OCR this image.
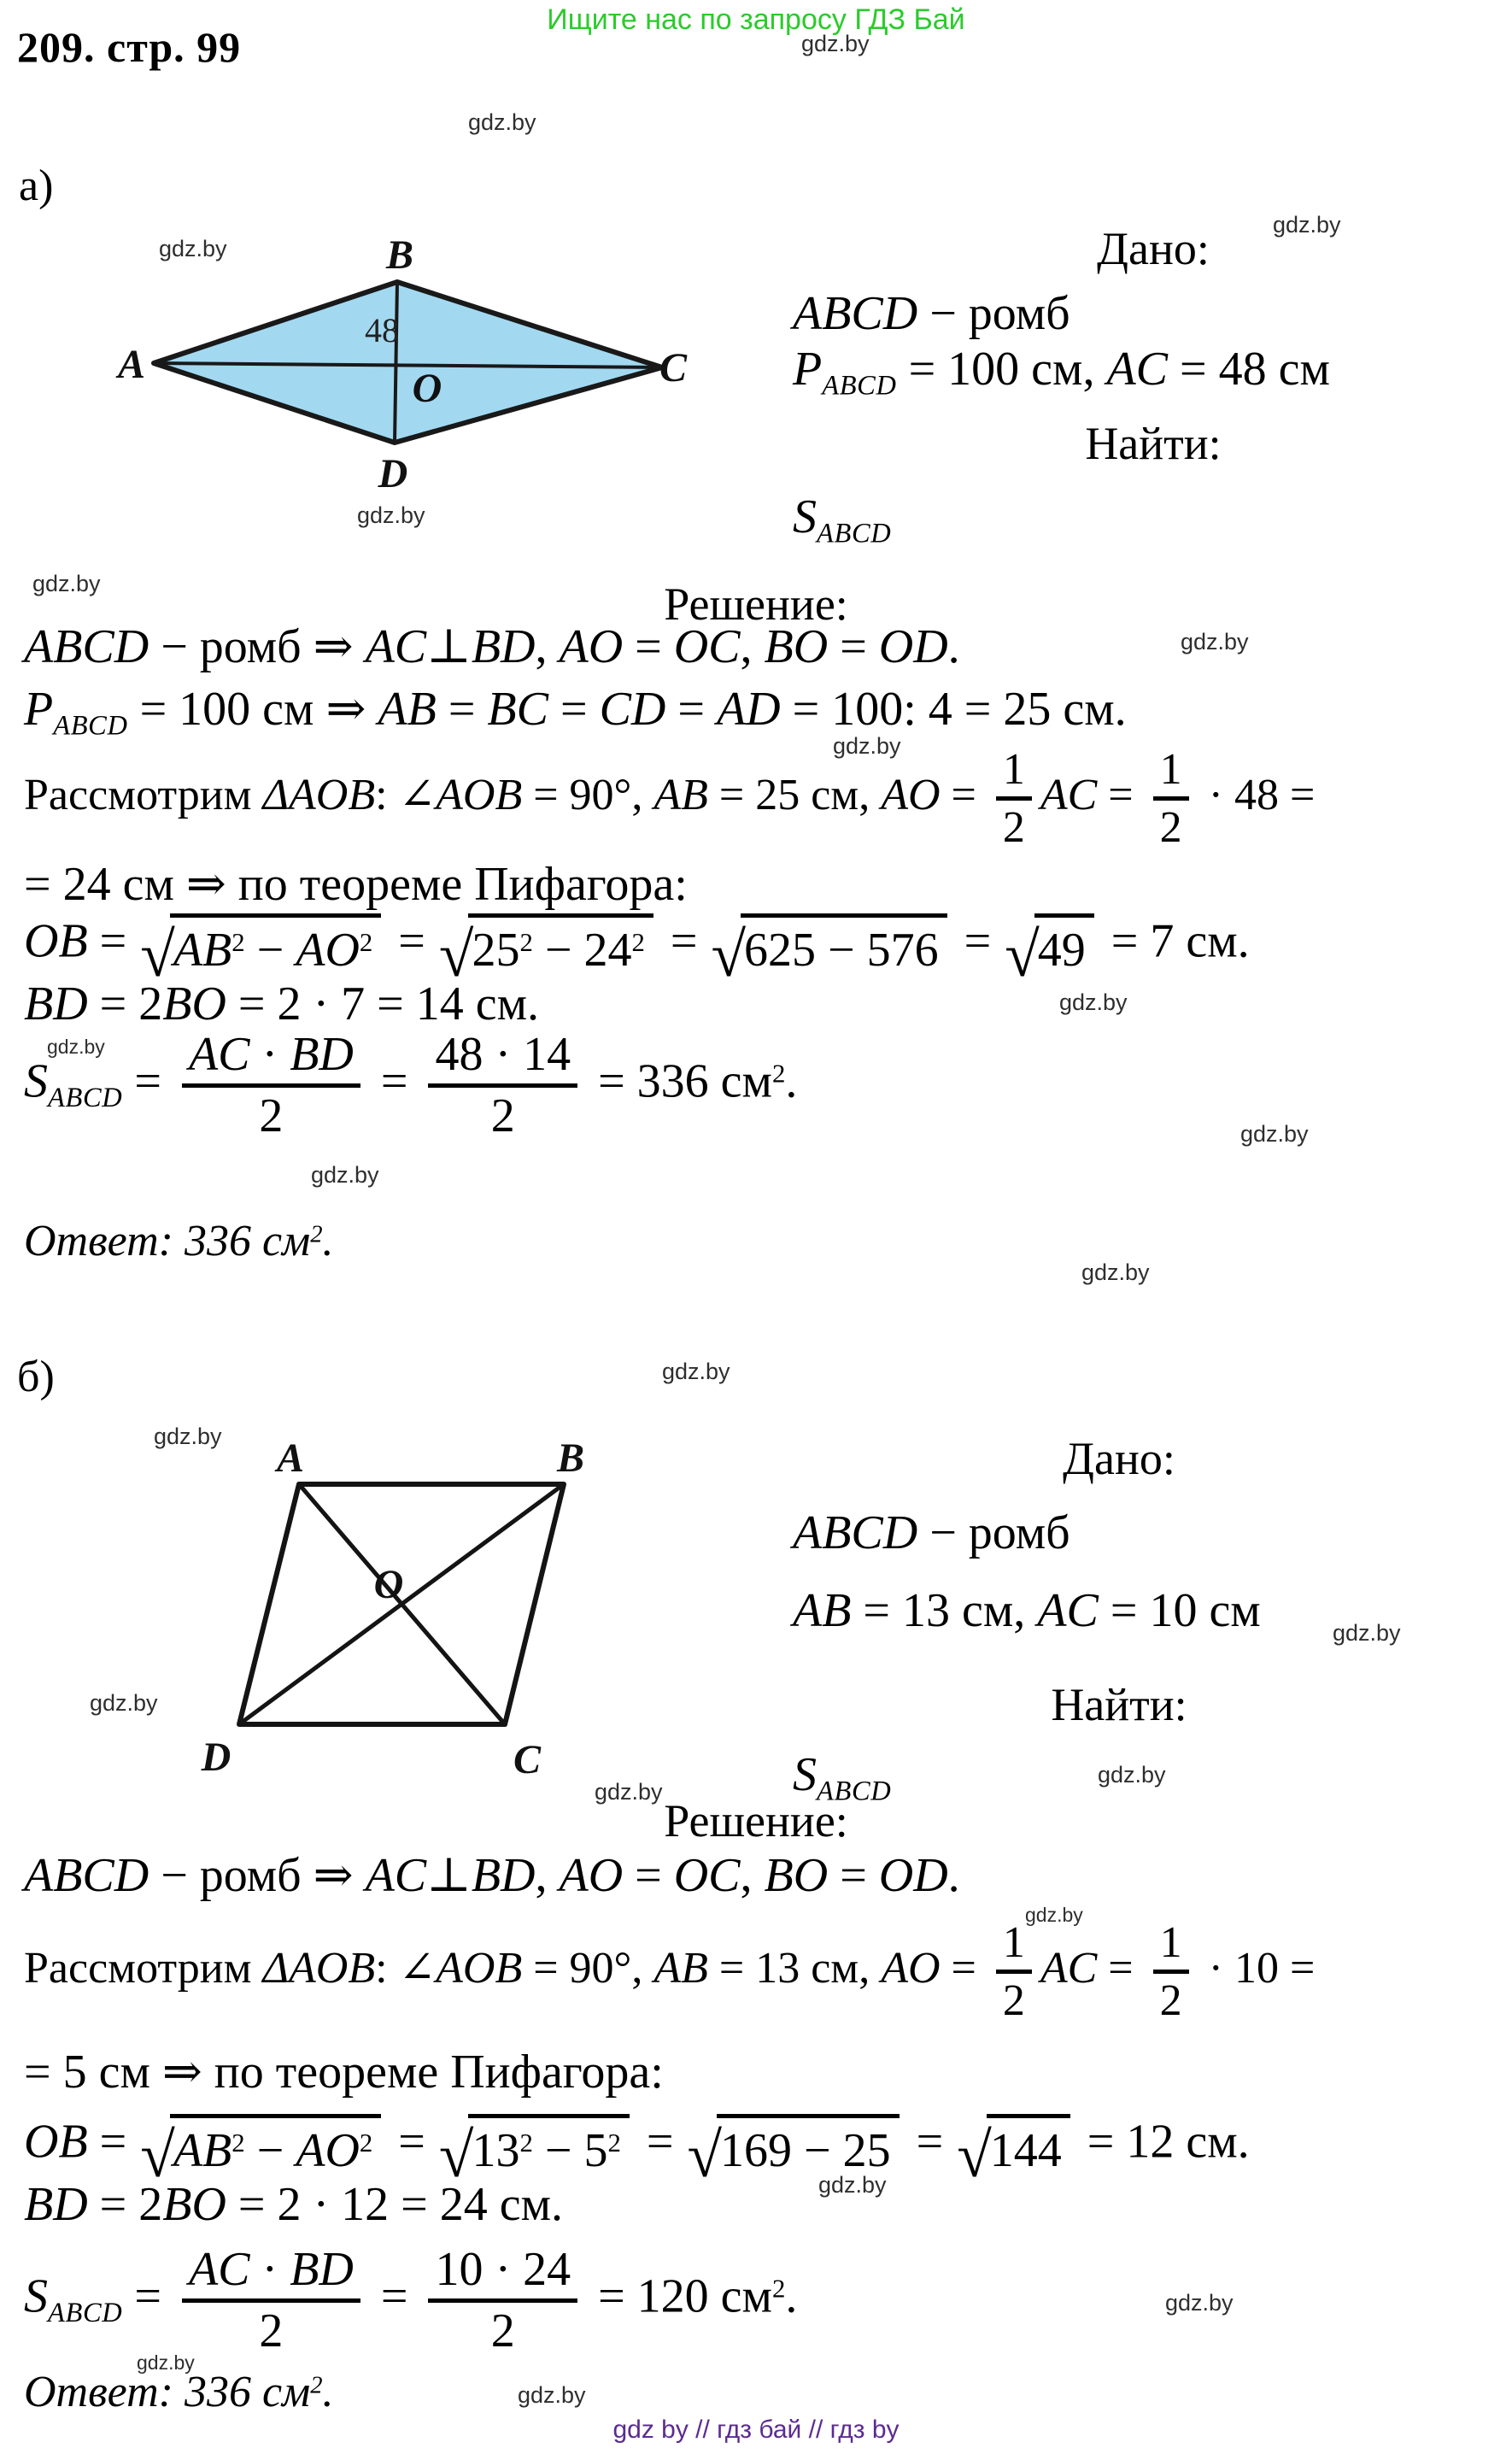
Ищите нас по запросу ГДЗ Бай
209. стр. 99
а)
gdz.by
gdz.by
gdz.by
gdz.by
gdz.by
gdz.by
gdz.by
gdz.by
gdz.by
gdz.by
gdz.by
gdz.by
gdz.by
gdz.by
gdz.by
gdz.by
gdz.by
gdz.by
gdz.by
gdz.by
gdz.by
gdz.by
gdz.by
gdz.by
A
B
C
D
O
48
Дано:
ABCD − ромб
$P_{ABCD} = 100$ см, AC = 48 см
Найти:
$S_{ABCD}$
Решение:
ABCD − ромб ⇒ AC⊥BD, AO = OC, BO = OD.
$P_{ABCD} = 100$ см ⇒ AB = BC = CD = AD = 100: 4 = 25 см.
Рассмотрим ΔAOB: ∠AOB = 90°, AB = 25 см, AO = $\frac{1}{2}$ AC = $\frac{1}{2} \cdot 48$ =
= 24 см ⇒ по теореме Пифагора:
OB = √
$AB^2 - AO^2$ = √
$25^2 - 24^2$ = √
625 − 576 = √
49 = 7 см.
BD = 2BO = 2 · 7 = 14 см.
$S_{ABCD} = \frac{AC \cdot BD}{2} = \frac{48 \cdot 14}{2} = 336$ $см^2$.
Ответ: 336 $см^2$.
б)
A	B
C
D
O
Дано:
ABCD − ромб
AB = 13 см, AC = 10 см
Найти:
$S_{ABCD}$
Решение:
ABCD − ромб ⇒ AC⊥BD, AO = OC, BO = OD.
Рассмотрим ΔAOB: ∠AOB = 90°, AB = 13 см, AO = $\frac{1}{2}$ AC = $\frac{1}{2} \cdot 10$ =
= 5 см ⇒ по теореме Пифагора:
OB = √
$AB^2 - AO^2$ = √
$13^2 - 5^2$ = √
169 − 25 = √
144 = 12 см.
BD = 2BO = 2 · 12 = 24 см.
$S_{ABCD} = \frac{AC \cdot BD}{2} = \frac{10 \cdot 24}{2} = 120$ $см^2$.
Ответ: 336 $см^2$.
gdz by // гдз бай // гдз by
